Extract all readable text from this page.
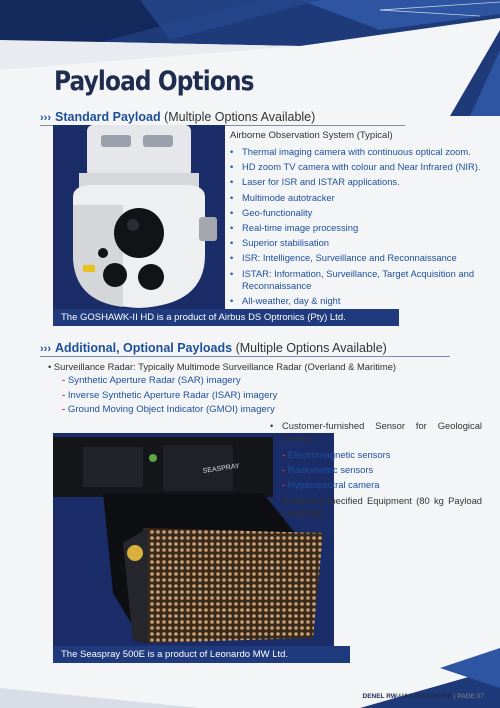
Payload Options
››› Standard Payload (Multiple Options Available)
The GOSHAWK-II HD is a product of Airbus DS Optronics (Pty) Ltd.
Airborne Observation System (Typical)
• Thermal imaging camera with continuous optical zoom.
• HD zoom TV camera with colour and Near Infrared (NIR).
• Laser for ISR and ISTAR applications.
• Multimode autotracker
• Geo-functionality
• Real-time image processing
• Superior stabilisation
• ISR: Intelligence, Surveillance and Reconnaissance
• ISTAR: Information, Surveillance, Target Acquisition and Reconnaissance
• All-weather, day & night
››› Additional, Optional Payloads (Multiple Options Available)
• Surveillance Radar: Typically Multimode Surveillance Radar (Overland & Maritime)
- Synthetic Aperture Radar (SAR) imagery
- Inverse Synthetic Aperture Radar (ISAR) imagery
- Ground Moving Object Indicator (GMOI) imagery
SEASPRAY
The Seaspray 500E is a product of Leonardo MW Ltd.
• Customer-furnished Sensor for Geological Survey:
- Electromagnetic sensors
- Radiometric sensors
- Hyperspectral camera
• Customer-specified Equipment (80 kg Payload capability)
DENEL RW-UAS BROCHURE | PAGE 07
